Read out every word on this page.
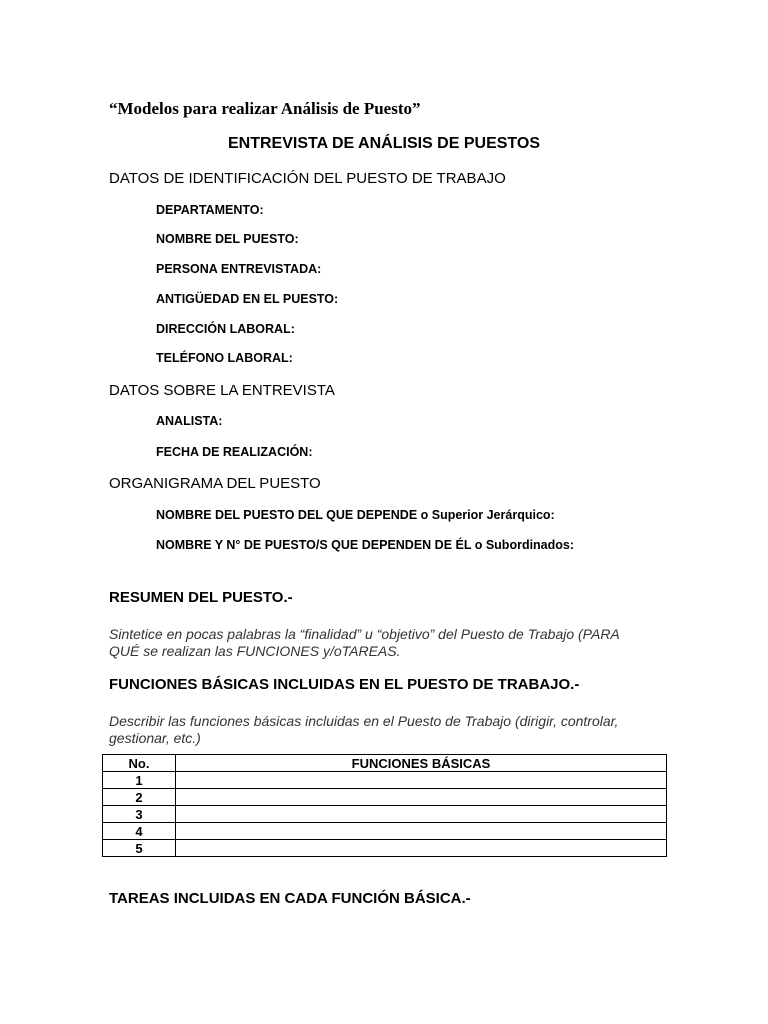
“Modelos para realizar Análisis de Puesto”
ENTREVISTA DE ANÁLISIS DE PUESTOS
DATOS DE IDENTIFICACIÓN DEL PUESTO DE TRABAJO
DEPARTAMENTO:
NOMBRE DEL PUESTO:
PERSONA ENTREVISTADA:
ANTIGÜEDAD EN EL PUESTO:
DIRECCIÓN LABORAL:
TELÉFONO LABORAL:
DATOS SOBRE LA ENTREVISTA
ANALISTA:
FECHA DE REALIZACIÓN:
ORGANIGRAMA DEL PUESTO
NOMBRE DEL PUESTO DEL QUE DEPENDE o Superior Jerárquico:
NOMBRE Y N° DE PUESTO/S QUE DEPENDEN DE ÉL o Subordinados:
RESUMEN DEL PUESTO.-
Sintetice en pocas palabras la “finalidad” u “objetivo” del Puesto de Trabajo (PARA QUÉ se realizan las FUNCIONES y/oTAREAS.
FUNCIONES BÁSICAS INCLUIDAS EN EL PUESTO DE TRABAJO.-
Describir las funciones básicas incluidas en el Puesto de Trabajo (dirigir, controlar, gestionar, etc.)
No.	FUNCIONES BÁSICAS
1	
2	
3	
4	
5	
TAREAS INCLUIDAS EN CADA FUNCIÓN BÁSICA.-
